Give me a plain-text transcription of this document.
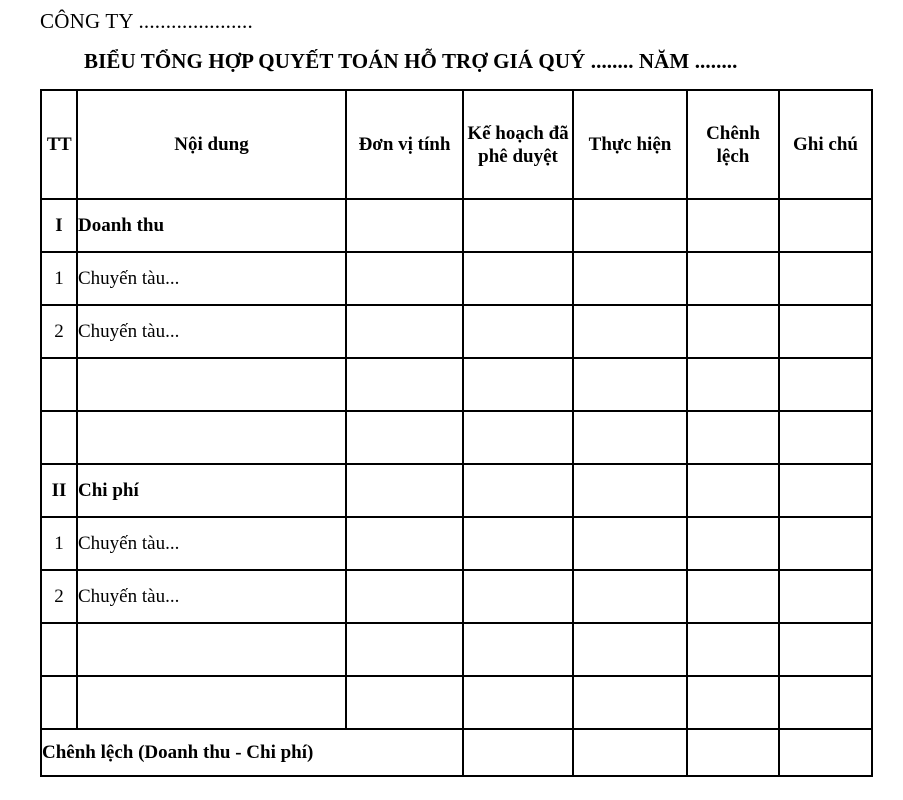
CÔNG TY .....................
BIỂU TỔNG HỢP QUYẾT TOÁN HỖ TRỢ GIÁ QUÝ ........ NĂM ........
TT	Nội dung	Đơn vị tính	Kế hoạch đã phê duyệt	Thực hiện	Chênh lệch	Ghi chú
I	Doanh thu					
1	Chuyến tàu...					
2	Chuyến tàu...					

II	Chi phí					
1	Chuyến tàu...					
2	Chuyến tàu...					

Chênh lệch (Doanh thu - Chi phí)						
